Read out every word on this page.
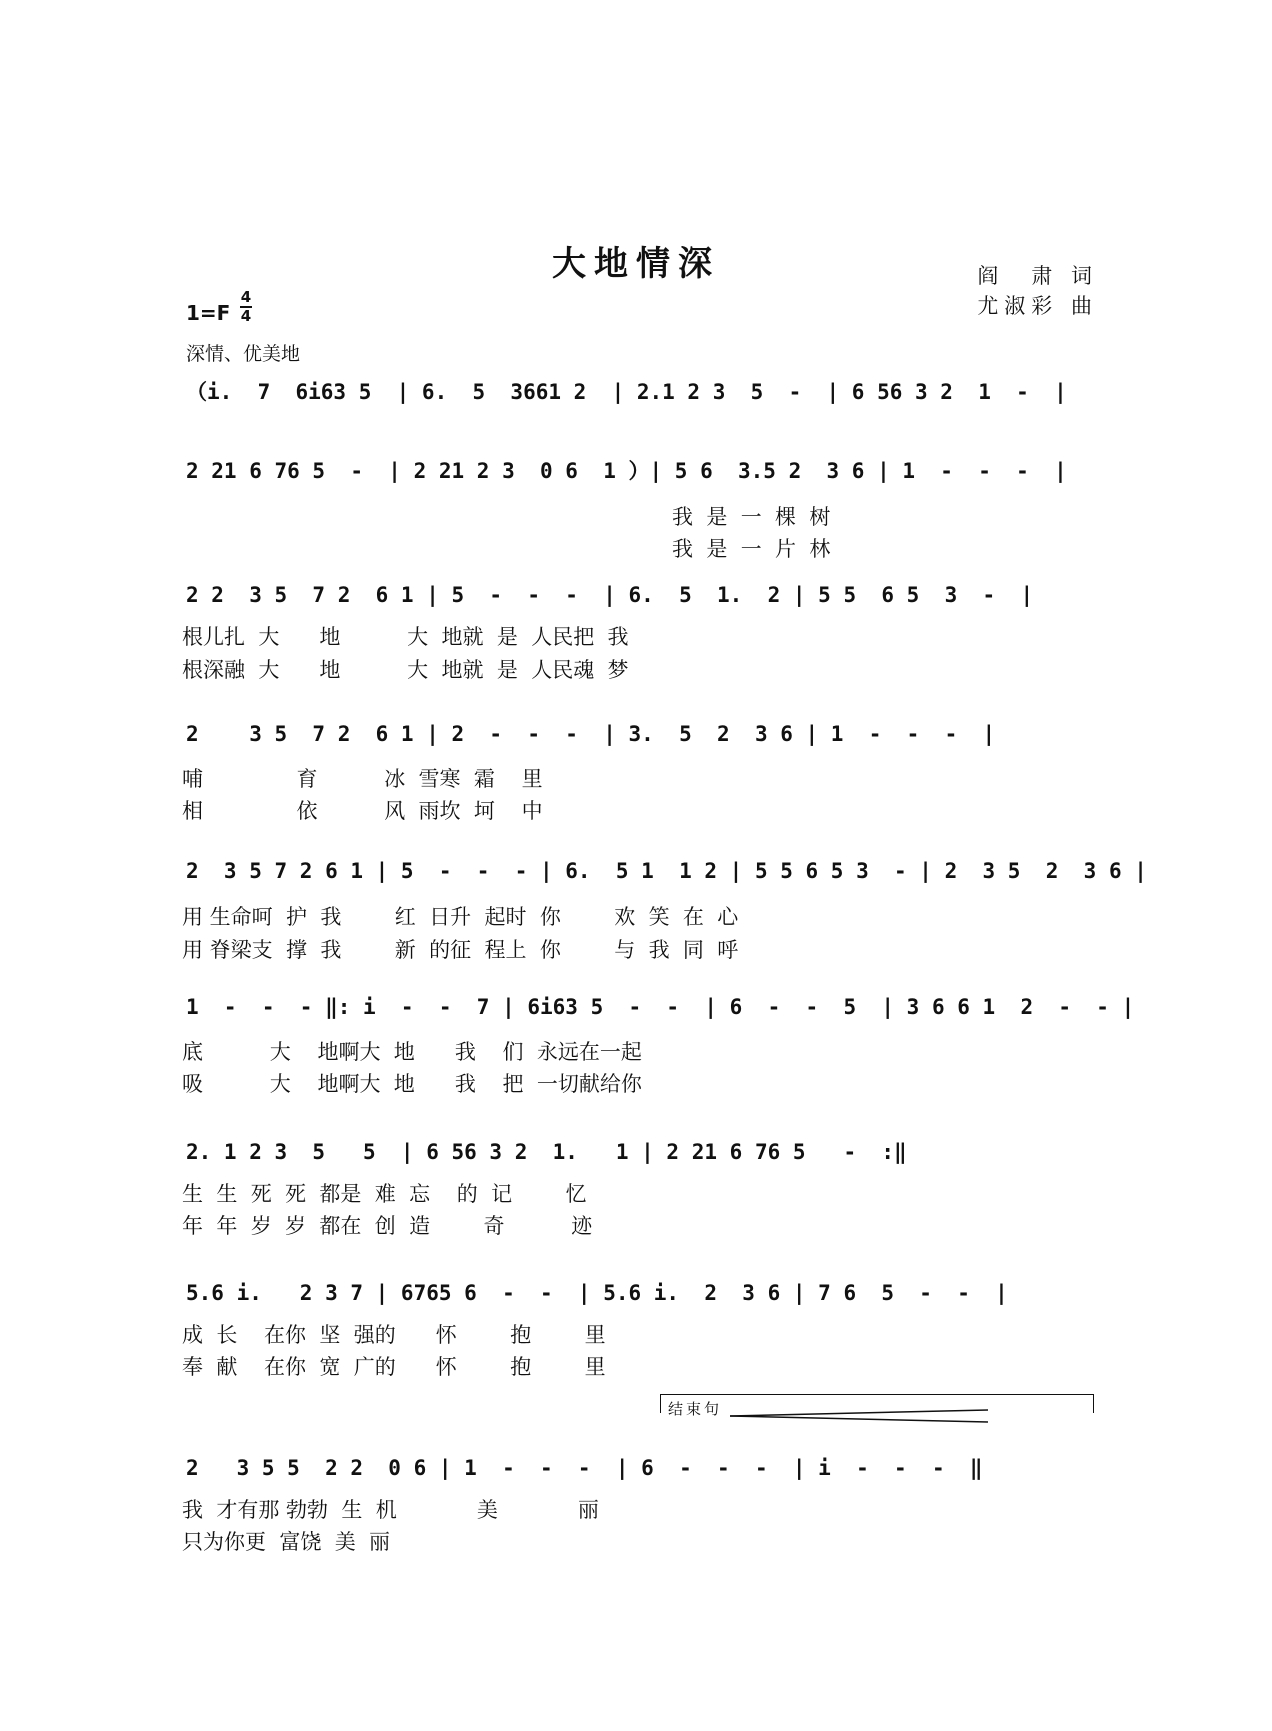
大地情深	阎　肃 词
尤淑彩 曲
1=F
4
4
深情、优美地
（i.  7  6i63 5  | 6.  5  3661 2  | 2.1 2 3  5  -  | 6 56 3 2  1  -  |
2 21 6 76 5  -  | 2 21 2 3  0 6  1 ）| 5 6  3.5 2  3 6 | 1  -  -  -  |
我  是  一  棵  树
我  是  一  片  林
2 2  3 5  7 2  6 1 | 5  -  -  -  | 6.  5  1.  2 | 5 5  6 5  3  -  |
根儿扎  大      地          大  地就  是  人民把  我
根深融  大      地          大  地就  是  人民魂  梦
2    3 5  7 2  6 1 | 2  -  -  -  | 3.  5  2  3 6 | 1  -  -  -  |
哺              育          冰  雪寒  霜    里
相              依          风  雨坎  坷    中
2  3 5 7 2 6 1 | 5  -  -  - | 6.  5 1  1 2 | 5 5 6 5 3  - | 2  3 5  2  3 6 |
用 生命呵  护  我        红  日升  起时  你        欢  笑  在  心
用 脊梁支  撑  我        新  的征  程上  你        与  我  同  呼
1  -  -  - ‖: i  -  -  7 | 6i63 5  -  -  | 6  -  -  5  | 3 6 6 1  2  -  - |
底          大    地啊大  地      我    们  永远在一起
吸          大    地啊大  地      我    把  一切献给你
2. 1 2 3  5   5  | 6 56 3 2  1.   1 | 2 21 6 76 5   -  :‖
生  生  死  死  都是  难  忘    的  记        忆
年  年  岁  岁  都在  创  造        奇          迹
5.6 i.   2 3 7 | 6765 6  -  -  | 5.6 i.  2  3 6 | 7 6  5  -  -  |
成  长    在你  坚  强的      怀        抱        里
奉  献    在你  宽  广的      怀        抱        里
结束句
2   3 5 5  2 2  0 6 | 1  -  -  -  | 6  -  -  -  | i  -  -  -  ‖
我  才有那 勃勃  生  机            美            丽
只为你更  富饶  美  丽
